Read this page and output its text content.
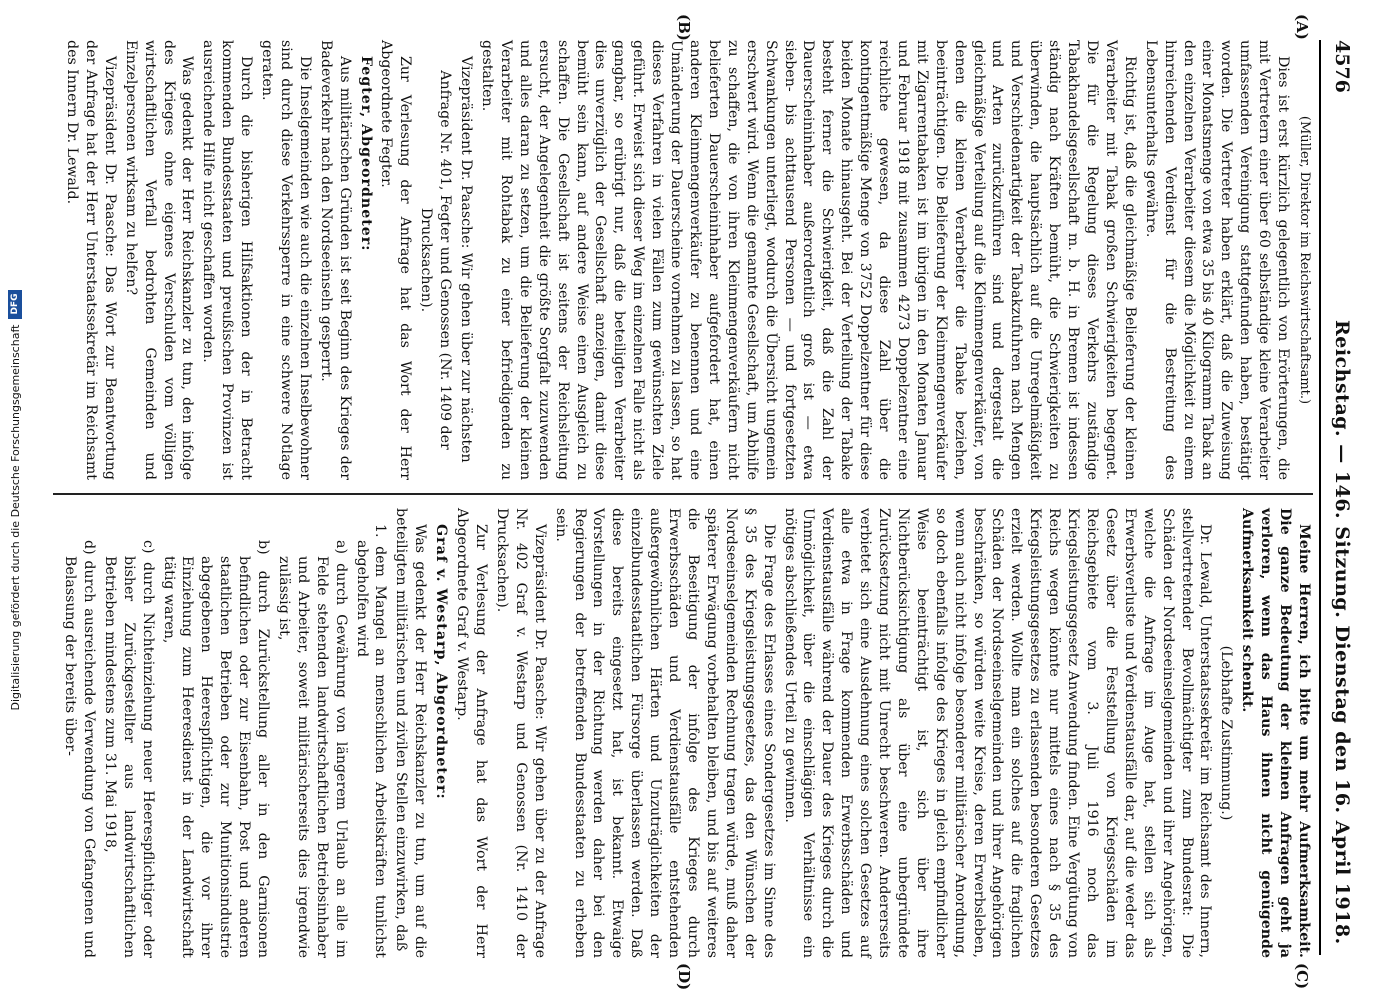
4576
Reichstag. — 146. Sitzung. Dienstag den 16. April 1918.
(A)
(B)
(C)
(D)

(Müller, Direktor im Reichswirtschaftsamt.)

Dies ist erst kürzlich gelegentlich von Erörterungen, die mit Vertretern einer über 60 selbständige kleine Verarbeiter umfassenden Vereinigung stattgefunden haben, bestätigt worden. Die Vertreter haben erklärt, daß die Zuweisung einer Monatsmenge von etwa 35 bis 40 Kilogramm Tabak an den einzelnen Verarbeiter diesem die Möglichkeit zu einem hinreichenden Verdienst für die Bestreitung des Lebensunterhalts gewähre.

Richtig ist, daß die gleichmäßige Belieferung der kleinen Verarbeiter mit Tabak großen Schwierigkeiten begegnet. Die für die Regelung dieses Verkehrs zuständige Tabakhandelsgesellschaft m. b. H. in Bremen ist indessen ständig nach Kräften bemüht, die Schwierigkeiten zu überwinden, die hauptsächlich auf die Unregelmäßigkeit und Verschiedenartigkeit der Tabakzufuhren nach Mengen und Arten zurückzuführen sind und dergestalt die gleichmäßige Verteilung auf die Kleinmengenverkäufer, von denen die kleinen Verarbeiter die Tabake beziehen, beeinträchtigen. Die Belieferung der Kleinmengenverkäufer mit Zigarrentabaken ist im übrigen in den Monaten Januar und Februar 1918 mit zusammen 4273 Doppelzentner eine reichliche gewesen, da diese Zahl über die kontingentmäßige Menge von 3752 Doppelzentner für diese beiden Monate hinausgeht. Bei der Verteilung der Tabake besteht ferner die Schwierigkeit, daß die Zahl der Dauerscheininhaber außerordentlich groß ist — etwa sieben- bis achttausend Personen — und fortgesetzten Schwankungen unterliegt, wodurch die Übersicht ungemein erschwert wird. Wenn die genannte Gesellschaft, um Abhilfe zu schaffen, die von ihren Kleinmengenverkäufern nicht belieferten Dauerscheininhaber aufgefordert hat, einen anderen Kleinmengenverkäufer zu benennen und eine Umänderung der Dauerscheine vornehmen zu lassen, so hat dieses Verfahren in vielen Fällen zum gewünschten Ziele geführt. Erweist sich dieser Weg im einzelnen Falle nicht als gangbar, so erübrigt nur, daß die beteiligten Verarbeiter dies unverzüglich der Gesellschaft anzeigen, damit diese bemüht sein kann, auf andere Weise einen Ausgleich zu schaffen. Die Gesellschaft ist seitens der Reichsleitung ersucht, der Angelegenheit die größte Sorgfalt zuzuwenden und alles daran zu setzen, um die Belieferung der kleinen Verarbeiter mit Rohtabak zu einer befriedigenden zu gestalten.

Vizepräsident Dr. Paasche: Wir gehen über zur nächsten

Anfrage Nr. 401, Fegter und Genossen (Nr. 1409 der Drucksachen).

Zur Verlesung der Anfrage hat das Wort der Herr Abgeordnete Fegter.

Fegter, Abgeordneter:

Aus militärischen Gründen ist seit Beginn des Krieges der Badeverkehr nach den Nordseeinseln gesperrt.

Die Inselgemeinden wie auch die einzelnen Inselbewohner sind durch diese Verkehrssperre in eine schwere Notlage geraten.

Durch die bisherigen Hilfsaktionen der in Betracht kommenden Bundesstaaten und preußischen Provinzen ist ausreichende Hilfe nicht geschaffen worden.

Was gedenkt der Herr Reichskanzler zu tun, den infolge des Krieges ohne eigenes Verschulden vom völligen wirtschaftlichen Verfall bedrohten Gemeinden und Einzelpersonen wirksam zu helfen?

Vizepräsident Dr. Paasche: Das Wort zur Beantwortung der Anfrage hat der Herr Unterstaatssekretär im Reichsamt des Innern Dr. Lewald.

Meine Herren, ich bitte um mehr Aufmerksamkeit. Die ganze Bedeutung der kleinen Anfragen geht ja verloren, wenn das Haus ihnen nicht genügende Aufmerksamkeit schenkt.

(Lebhafte Zustimmung.)

Dr. Lewald, Unterstaatssekretär im Reichsamt des Innern, stellvertretender Bevollmächtigter zum Bundesrat: Die Schäden der Nordseeinselgemeinden und ihrer Angehörigen, welche die Anfrage im Auge hat, stellen sich als Erwerbsverluste und Verdienstausfälle dar, auf die weder das Gesetz über die Feststellung von Kriegsschäden im Reichsgebiete vom 3. Juli 1916 noch das Kriegsleistungsgesetz Anwendung finden. Eine Vergütung von Reichs wegen könnte nur mittels eines nach § 35 des Kriegsleistungsgesetzes zu erlassenden besonderen Gesetzes erzielt werden. Wollte man ein solches auf die fraglichen Schäden der Nordseeinselgemeinden und ihrer Angehörigen beschränken, so würden weite Kreise, deren Erwerbsleben, wenn auch nicht infolge besonderer militärischer Anordnung, so doch ebenfalls infolge des Krieges in gleich empfindlicher Weise beeinträchtigt ist, sich über ihre Nichtberücksichtigung als über eine unbegründete Zurücksetzung nicht mit Unrecht beschweren. Andererseits verbietet sich eine Ausdehnung eines solchen Gesetzes auf alle etwa in Frage kommenden Erwerbsschäden und Verdienstausfälle während der Dauer des Krieges durch die Unmöglichkeit, über die einschlägigen Verhältnisse ein nötiges abschließendes Urteil zu gewinnen.

Die Frage des Erlasses eines Sondergesetzes im Sinne des § 35 des Kriegsleistungsgesetzes, das den Wünschen der Nordseeinselgemeinden Rechnung tragen würde, muß daher späterer Erwägung vorbehalten bleiben, und bis auf weiteres die Beseitigung der infolge des Krieges durch Erwerbsschäden und Verdienstausfälle entstehenden außergewöhnlichen Härten und Unzuträglichkeiten der einzelbundesstaatlichen Fürsorge überlassen werden. Daß diese bereits eingesetzt hat, ist bekannt. Etwaige Vorstellungen in der Richtung werden daher bei den Regierungen der betreffenden Bundesstaaten zu erheben sein.

Vizepräsident Dr. Paasche: Wir gehen über zu der Anfrage Nr. 402 Graf v. Westarp und Genossen (Nr. 1410 der Drucksachen).

Zur Verlesung der Anfrage hat das Wort der Herr Abgeordnete Graf v. Westarp.

Graf v. Westarp, Abgeordneter:

Was gedenkt der Herr Reichskanzler zu tun, um auf die beteiligten militärischen und zivilen Stellen einzuwirken, daß

1. dem Mangel an menschlichen Arbeitskräften tunlichst abgeholfen wird

a) durch Gewährung von längerem Urlaub an alle im Felde stehenden landwirtschaftlichen Betriebsinhaber und Arbeiter, soweit militärischerseits dies irgendwie zulässig ist,

b) durch Zurückstellung aller in den Garnisonen befindlichen oder zur Eisenbahn, Post und anderen staatlichen Betrieben oder zur Munitionsindustrie abgegebenen Heerespflichtigen, die vor ihrer Einziehung zum Heeresdienst in der Landwirtschaft tätig waren,

c) durch Nichteinziehung neuer Heerespflichtiger oder bisher Zurückgestellter aus landwirtschaftlichen Betrieben mindestens zum 31. Mai 1918,

d) durch ausreichende Verwendung von Gefangenen und Belassung der bereits über-

Digitalisierung gefördert durch die Deutsche Forschungsgemeinschaft
DFG
